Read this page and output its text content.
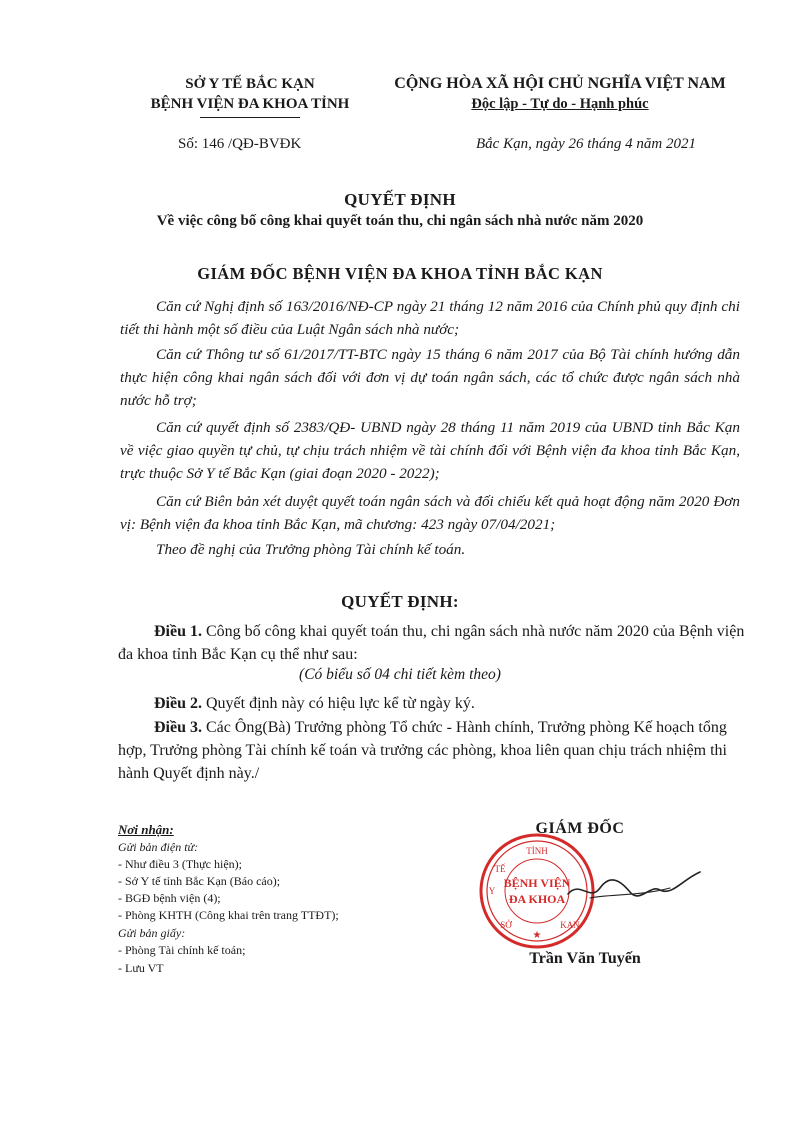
SỞ Y TẾ BẮC KẠN
BỆNH VIỆN ĐA KHOA TỈNH
CỘNG HÒA XÃ HỘI CHỦ NGHĨA VIỆT NAM
Độc lập - Tự do - Hạnh phúc
Số: 146 /QĐ-BVĐK	Bắc Kạn, ngày 26 tháng 4 năm 2021
QUYẾT ĐỊNH
Về việc công bố công khai quyết toán thu, chi ngân sách nhà nước năm 2020
GIÁM ĐỐC BỆNH VIỆN ĐA KHOA TỈNH BẮC KẠN
Căn cứ Nghị định số 163/2016/NĐ-CP ngày 21 tháng 12 năm 2016 của Chính phủ quy định chi tiết thi hành một số điều của Luật Ngân sách nhà nước;
Căn cứ Thông tư số 61/2017/TT-BTC ngày 15 tháng 6 năm 2017 của Bộ Tài chính hướng dẫn thực hiện công khai ngân sách đối với đơn vị dự toán ngân sách, các tổ chức được ngân sách nhà nước hỗ trợ;
Căn cứ quyết định số 2383/QĐ- UBND ngày 28 tháng 11 năm 2019 của UBND tỉnh Bắc Kạn về việc giao quyền tự chủ, tự chịu trách nhiệm về tài chính đối với Bệnh viện đa khoa tỉnh Bắc Kạn, trực thuộc Sở Y tế Bắc Kạn (giai đoạn 2020 - 2022);
Căn cứ Biên bản xét duyệt quyết toán ngân sách và đối chiếu kết quả hoạt động năm 2020 Đơn vị: Bệnh viện đa khoa tỉnh Bắc Kạn, mã chương: 423 ngày 07/04/2021;
Theo đề nghị của Trưởng phòng Tài chính kế toán.
QUYẾT ĐỊNH:
Điều 1. Công bố công khai quyết toán thu, chi ngân sách nhà nước năm 2020 của Bệnh viện đa khoa tỉnh Bắc Kạn cụ thể như sau:
(Có biểu số 04 chi tiết kèm theo)
Điều 2. Quyết định này có hiệu lực kể từ ngày ký.
Điều 3. Các Ông(Bà) Trưởng phòng Tổ chức - Hành chính, Trưởng phòng Kế hoạch tổng hợp, Trưởng phòng Tài chính kế toán và trưởng các phòng, khoa liên quan chịu trách nhiệm thi hành Quyết định này./
Nơi nhận:
Gửi bản điện tử:
- Như điều 3 (Thực hiện);
- Sở Y tế tỉnh Bắc Kạn (Báo cáo);
- BGĐ bệnh viện (4);
- Phòng KHTH (Công khai trên trang TTĐT);
Gửi bản giấy:
- Phòng Tài chính kế toán;
- Lưu VT
GIÁM ĐỐC
TỈNH
Y
TẾ
SỞ	KẠN
★
BỆNH VIỆN
ĐA KHOA
Trần Văn Tuyến
